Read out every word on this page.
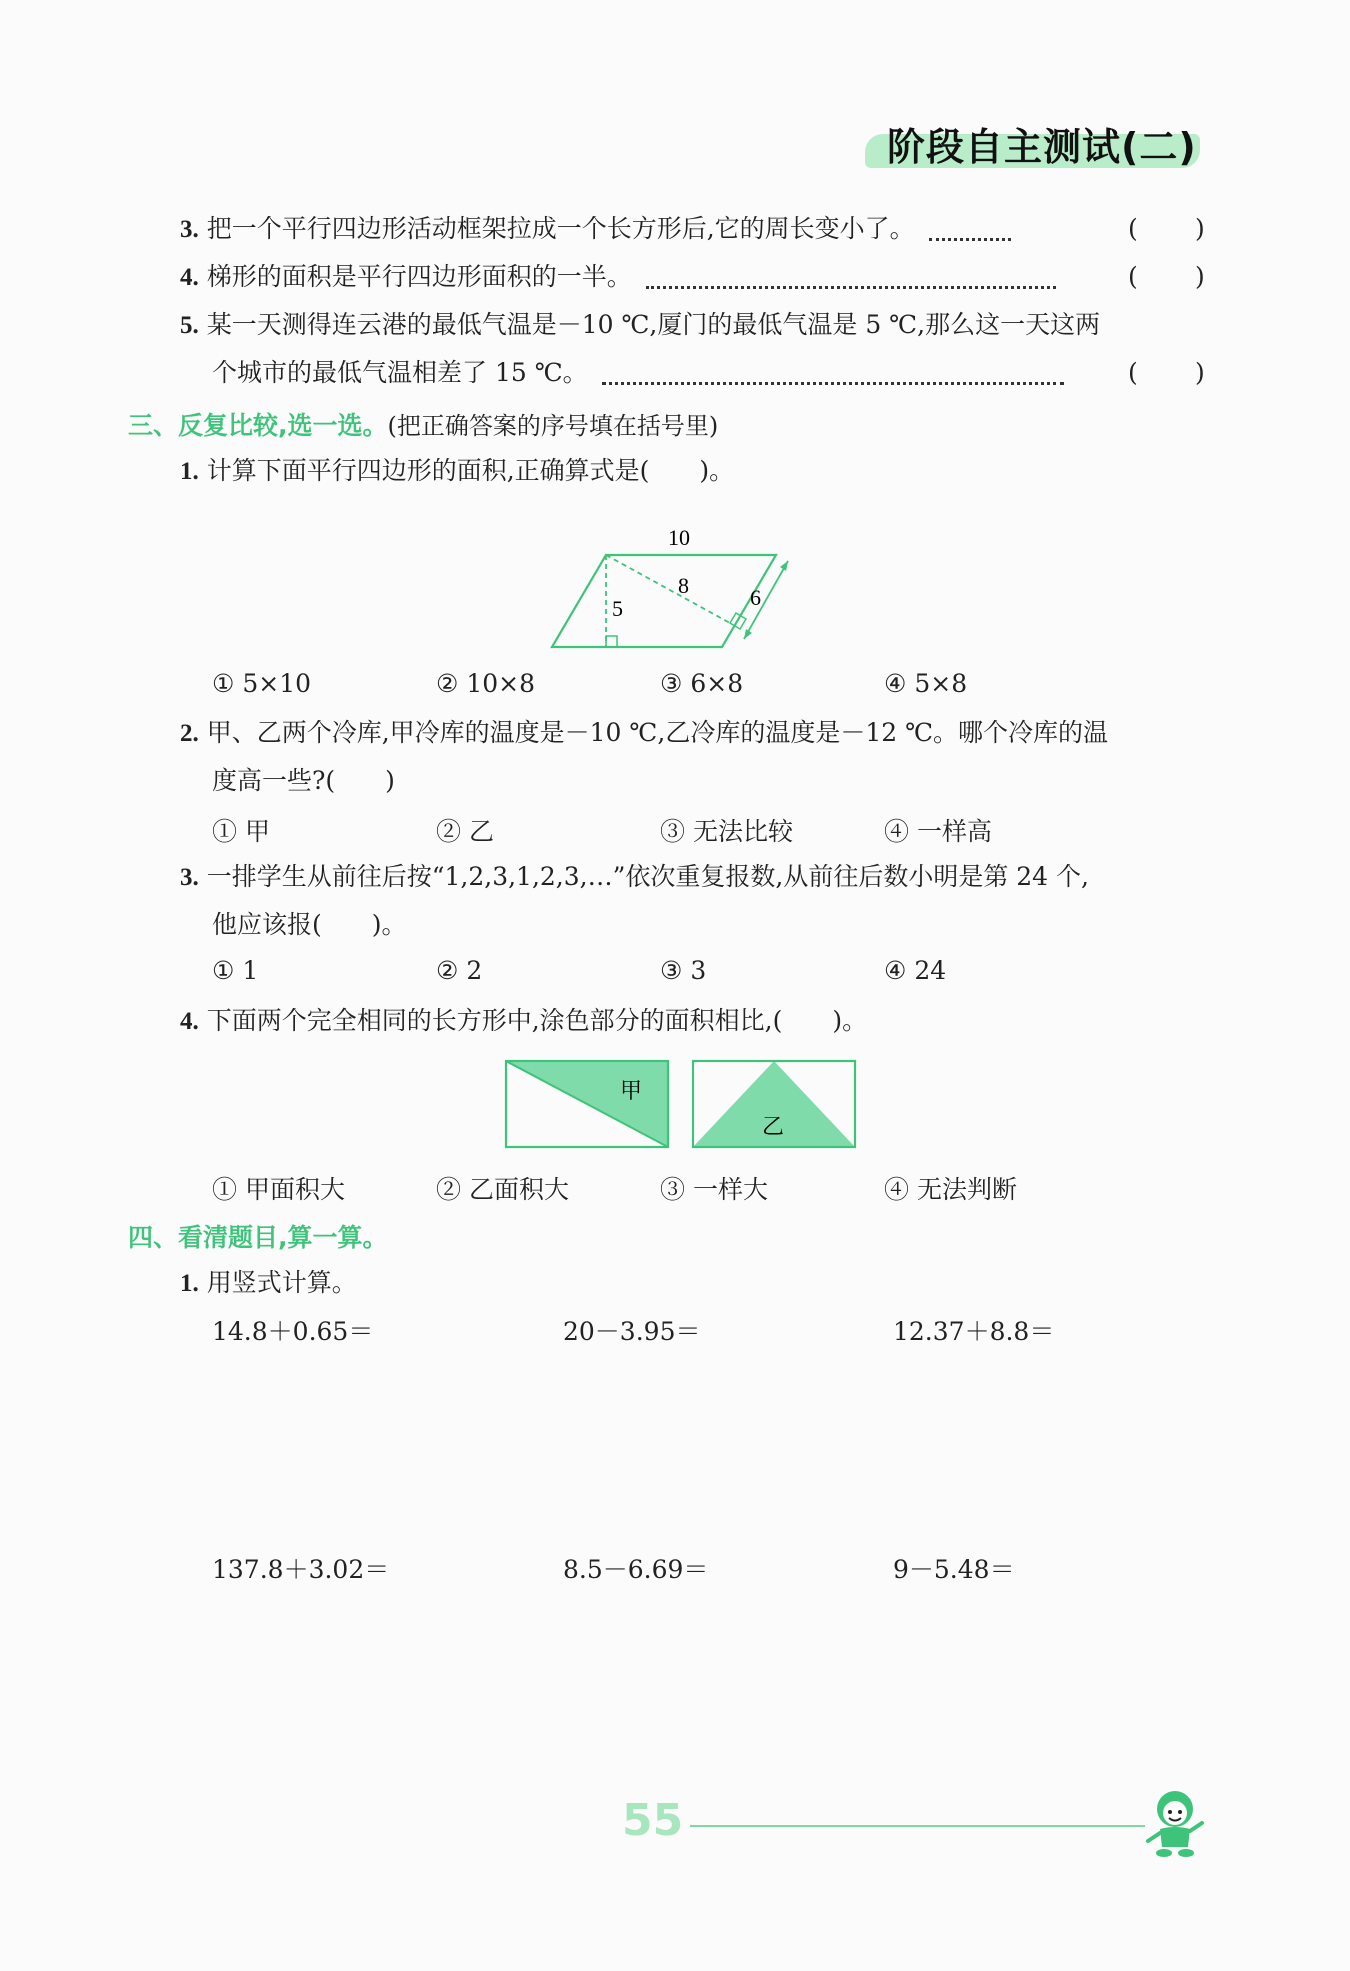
阶段自主测试(二)
3. 把一个平行四边形活动框架拉成一个长方形后,它的周长变小了。	( )
4. 梯形的面积是平行四边形面积的一半。	( )
5. 某一天测得连云港的最低气温是－10 ℃,厦门的最低气温是 5 ℃,那么这一天这两
个城市的最低气温相差了 15 ℃。	( )
三、反复比较,选一选。(把正确答案的序号填在括号里)
1. 计算下面平行四边形的面积,正确算式是(　　)。
10
8
5	6
① 5×10	② 10×8	③ 6×8	④ 5×8
2. 甲、乙两个冷库,甲冷库的温度是－10 ℃,乙冷库的温度是－12 ℃。哪个冷库的温
度高一些?(　　)
① 甲	② 乙	③ 无法比较	④ 一样高
3. 一排学生从前往后按“1,2,3,1,2,3,…”依次重复报数,从前往后数小明是第 24 个,
他应该报(　　)。
① 1	② 2	③ 3	④ 24
4. 下面两个完全相同的长方形中,涂色部分的面积相比,(　　)。
甲
乙
① 甲面积大	② 乙面积大	③ 一样大	④ 无法判断
四、看清题目,算一算。
1. 用竖式计算。
14.8＋0.65＝	20－3.95＝	12.37＋8.8＝
137.8＋3.02＝	8.5－6.69＝	9－5.48＝
55
